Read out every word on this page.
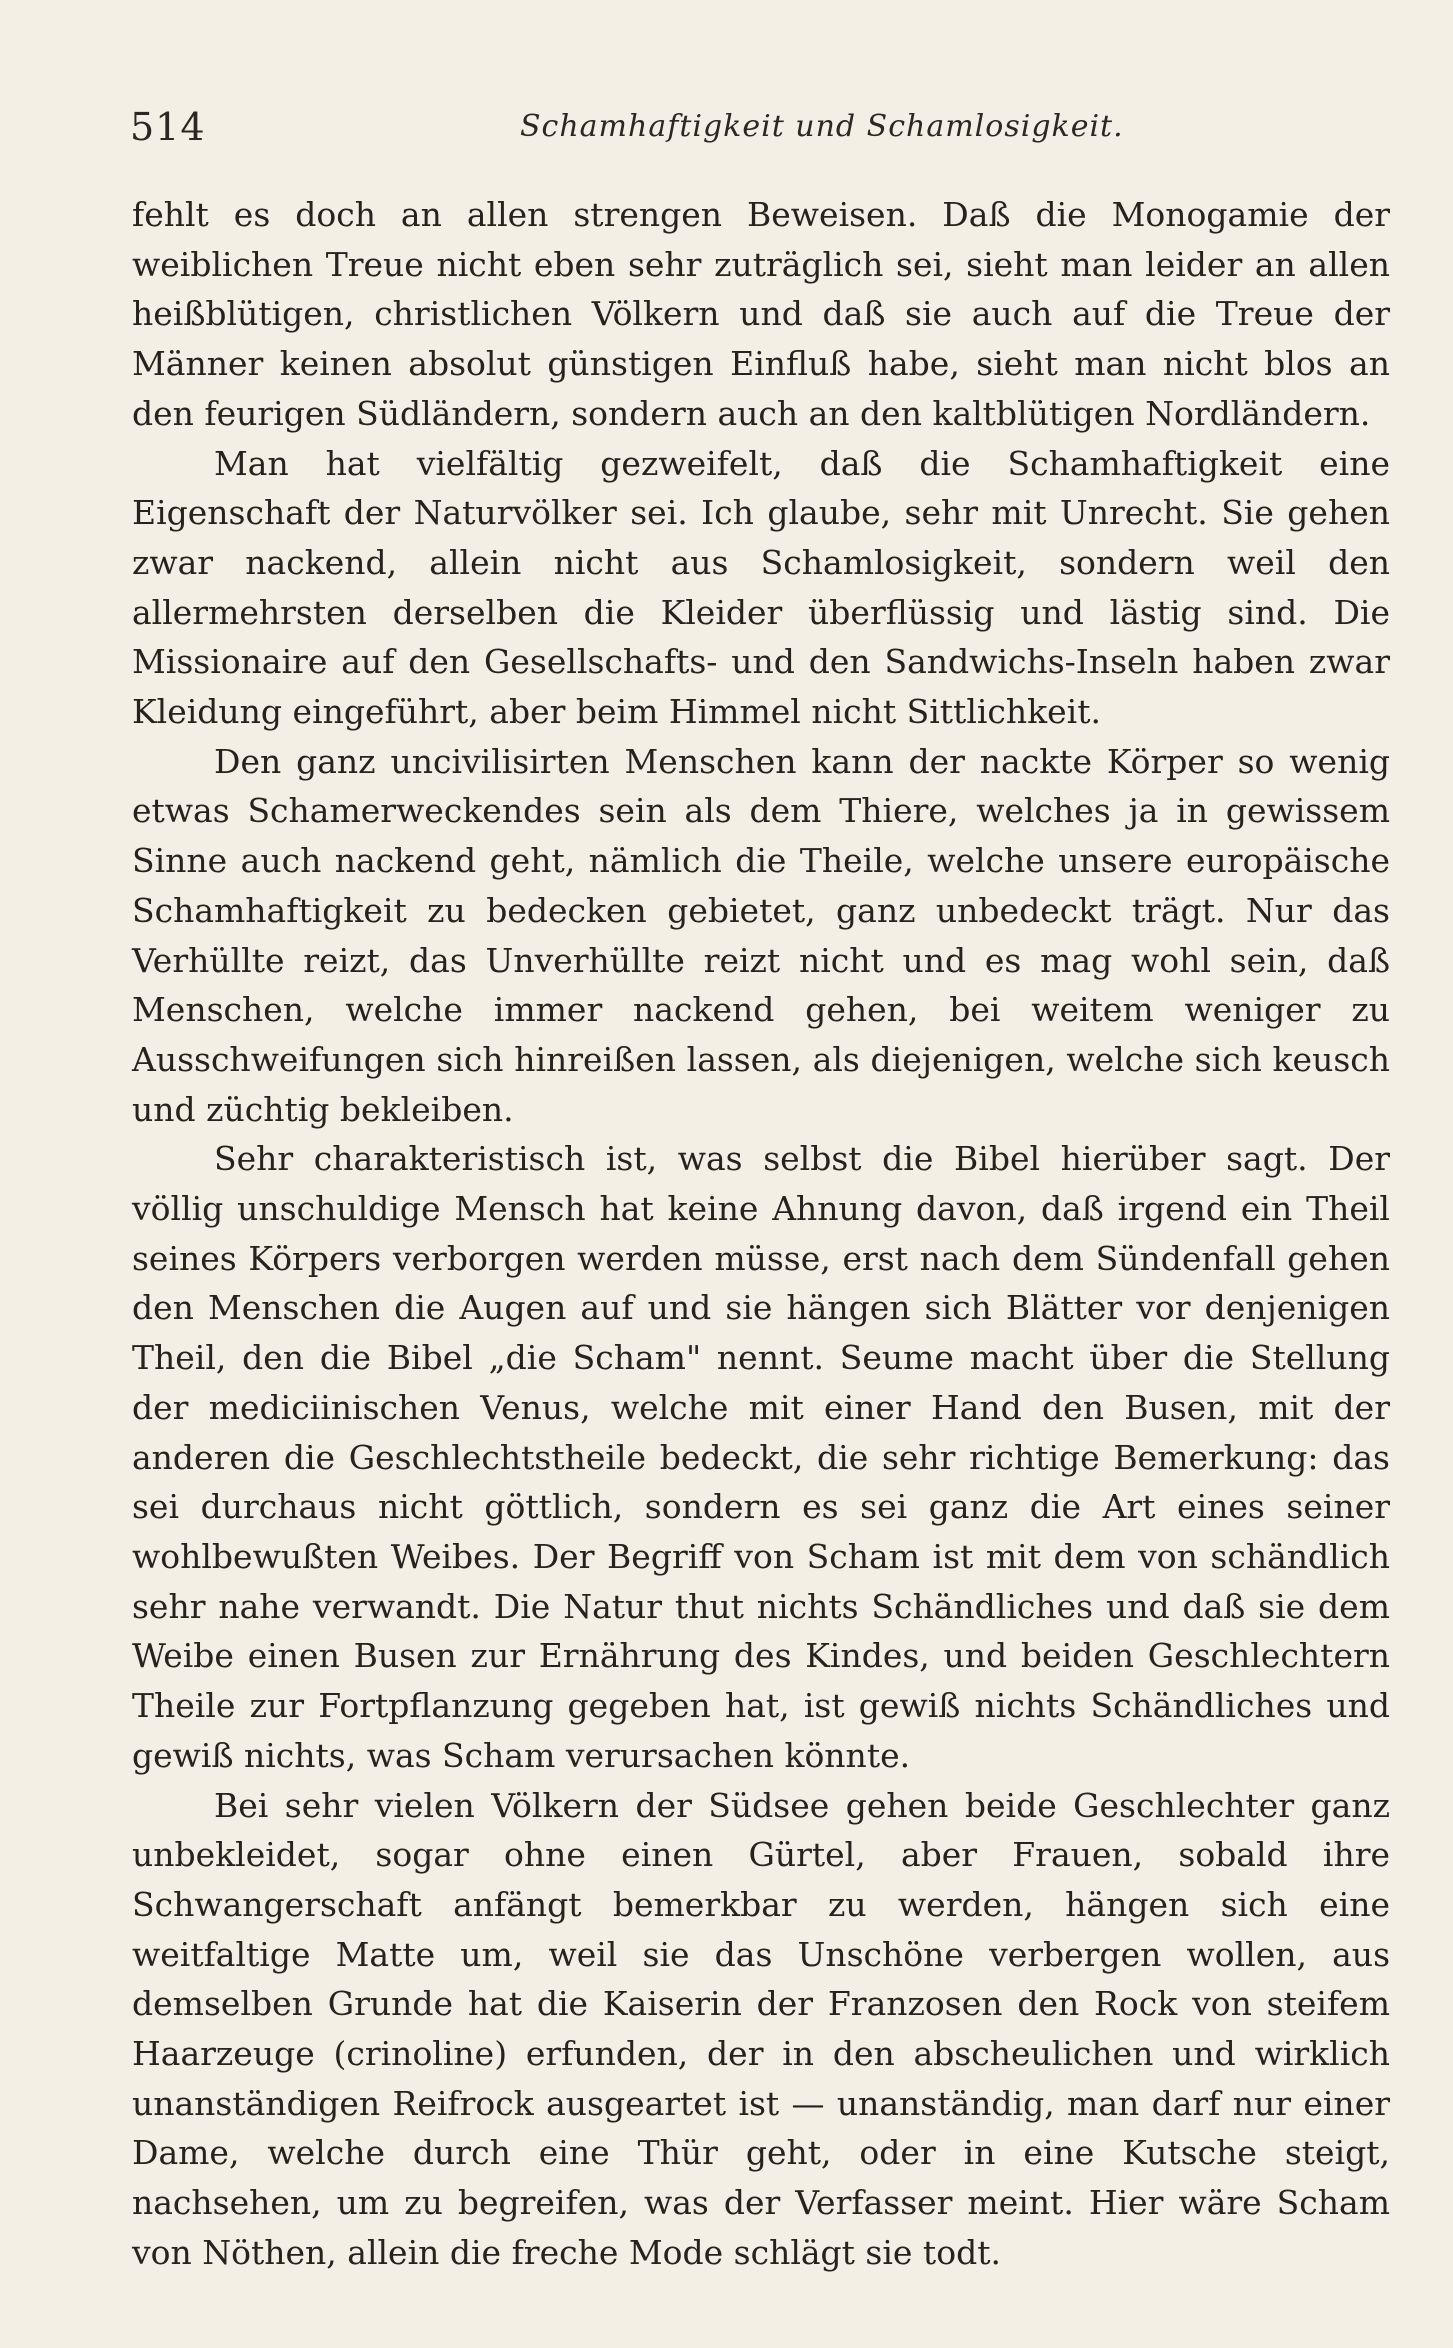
514	Schamhaftigkeit und Schamlosigkeit.

fehlt es doch an allen strengen Beweisen. Daß die Monogamie der weiblichen Treue nicht eben sehr zuträglich sei, sieht man leider an allen heißblütigen, christlichen Völkern und daß sie auch auf die Treue der Männer keinen absolut günstigen Einfluß habe, sieht man nicht blos an den feurigen Südländern, sondern auch an den kaltblütigen Nordländern.

Man hat vielfältig gezweifelt, daß die Schamhaftigkeit eine Eigenschaft der Naturvölker sei. Ich glaube, sehr mit Unrecht. Sie gehen zwar nackend, allein nicht aus Schamlosigkeit, sondern weil den allermehrsten derselben die Kleider überflüssig und lästig sind. Die Missionaire auf den Gesellschafts- und den Sandwichs-Inseln haben zwar Kleidung eingeführt, aber beim Himmel nicht Sittlichkeit.

Den ganz uncivilisirten Menschen kann der nackte Körper so wenig etwas Schamerweckendes sein als dem Thiere, welches ja in gewissem Sinne auch nackend geht, nämlich die Theile, welche unsere europäische Schamhaftigkeit zu bedecken gebietet, ganz unbedeckt trägt. Nur das Verhüllte reizt, das Unverhüllte reizt nicht und es mag wohl sein, daß Menschen, welche immer nackend gehen, bei weitem weniger zu Ausschweifungen sich hinreißen lassen, als diejenigen, welche sich keusch und züchtig bekleiben.

Sehr charakteristisch ist, was selbst die Bibel hierüber sagt. Der völlig unschuldige Mensch hat keine Ahnung davon, daß irgend ein Theil seines Körpers verborgen werden müsse, erst nach dem Sündenfall gehen den Menschen die Augen auf und sie hängen sich Blätter vor denjenigen Theil, den die Bibel „die Scham" nennt. Seume macht über die Stellung der mediciinischen Venus, welche mit einer Hand den Busen, mit der anderen die Geschlechtstheile bedeckt, die sehr richtige Bemerkung: das sei durchaus nicht göttlich, sondern es sei ganz die Art eines seiner wohlbewußten Weibes. Der Begriff von Scham ist mit dem von schändlich sehr nahe verwandt. Die Natur thut nichts Schändliches und daß sie dem Weibe einen Busen zur Ernährung des Kindes, und beiden Geschlechtern Theile zur Fortpflanzung gegeben hat, ist gewiß nichts Schändliches und gewiß nichts, was Scham verursachen könnte.

Bei sehr vielen Völkern der Südsee gehen beide Geschlechter ganz unbekleidet, sogar ohne einen Gürtel, aber Frauen, sobald ihre Schwangerschaft anfängt bemerkbar zu werden, hängen sich eine weitfaltige Matte um, weil sie das Unschöne verbergen wollen, aus demselben Grunde hat die Kaiserin der Franzosen den Rock von steifem Haarzeuge (crinoline) erfunden, der in den abscheulichen und wirklich unanständigen Reifrock ausgeartet ist — unanständig, man darf nur einer Dame, welche durch eine Thür geht, oder in eine Kutsche steigt, nachsehen, um zu begreifen, was der Verfasser meint. Hier wäre Scham von Nöthen, allein die freche Mode schlägt sie todt.
